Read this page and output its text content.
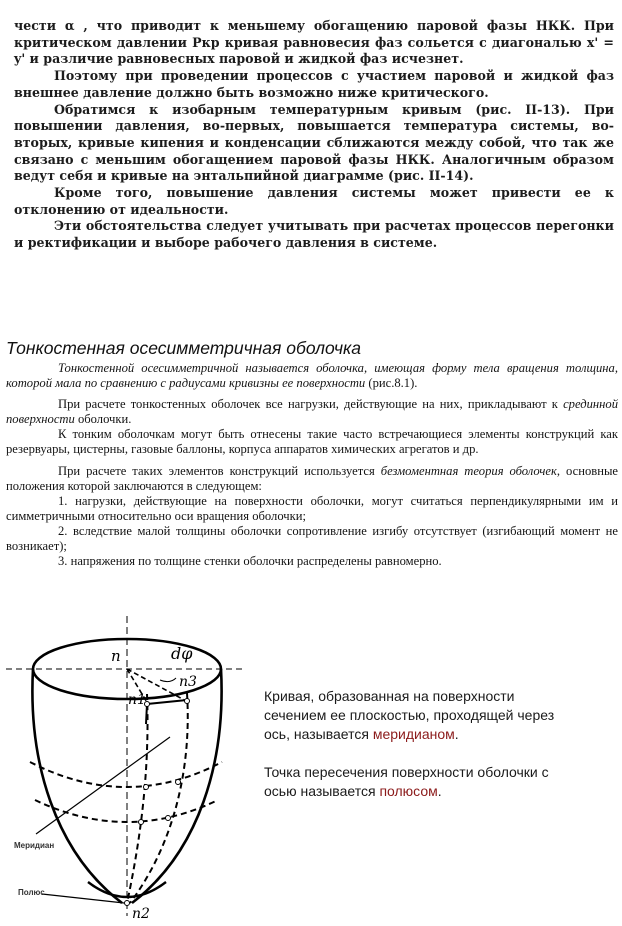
чести α , что приводит к меньшему обогащению паровой фазы НКК. При критическом давлении Pкр кривая равновесия фаз сольется с диагональю x' = y' и различие равновесных паровой и жидкой фаз исчезнет.

Поэтому при проведении процессов с участием паровой и жидкой фаз внешнее давление должно быть возможно ниже критического.

Обратимся к изобарным температурным кривым (рис. II-13). При повышении давления, во-первых, повышается температура системы, во-вторых, кривые кипения и конденсации сближаются между собой, что так же связано с меньшим обогащением паровой фазы НКК. Аналогичным образом ведут себя и кривые на энтальпийной диаграмме (рис. II-14).

Кроме того, повышение давления системы может привести ее к отклонению от идеальности.

Эти обстоятельства следует учитывать при расчетах процессов перегонки и ректификации и выборе рабочего давления в системе.

Тонкостенная осесимметричная оболочка

Тонкостенной осесимметричной называется оболочка, имеющая форму тела вращения толщина, которой мала по сравнению с радиусами кривизны ее поверхности (рис.8.1).

При расчете тонкостенных оболочек все нагрузки, действующие на них, прикладывают к срединной поверхности оболочки.

К тонким оболочкам могут быть отнесены такие часто встречающиеся элементы конструкций как резервуары, цистерны, газовые баллоны, корпуса аппаратов химических агрегатов и др.

При расчете таких элементов конструкций используется безмоментная теория оболочек, основные положения которой заключаются в следующем:

1. нагрузки, действующие на поверхности оболочки, могут считаться перпендикулярными им и симметричными относительно оси вращения оболочки;

2. вследствие малой толщины оболочки сопротивление изгибу отсутствует (изгибающий момент не возникает);

3. напряжения по толщине стенки оболочки распределены равномерно.

n	dφ
n1
n3
n2
Меридиан
Полюс

Кривая, образованная на поверхности сечением ее плоскостью, проходящей через ось, называется меридианом.

Точка пересечения поверхности оболочки с осью называется полюсом.
